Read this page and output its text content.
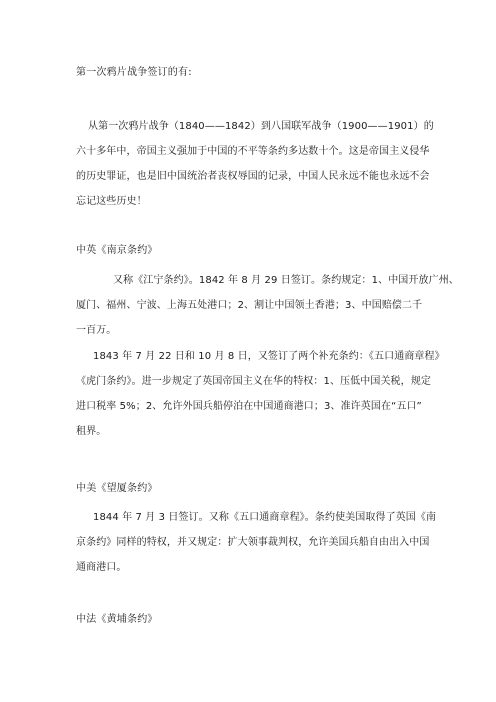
第一次鸦片战争签订的有:
从第一次鸦片战争（1840——1842）到八国联军战争（1900——1901）的
六十多年中，帝国主义强加于中国的不平等条约多达数十个。这是帝国主义侵华
的历史罪证，也是旧中国统治者丧权辱国的记录，中国人民永远不能也永远不会
忘记这些历史！
中英《南京条约》
又称《江宁条约》。1842 年 8 月 29 日签订。条约规定：1、中国开放广州、
厦门、福州、宁波、上海五处港口；2、割让中国领土香港；3、中国赔偿二千
一百万。
1843 年 7 月 22 日和 10 月 8 日，又签订了两个补充条约：《五口通商章程》
《虎门条约》。进一步规定了英国帝国主义在华的特权：1、压低中国关税，规定
进口税率 5%；2、允许外国兵船停泊在中国通商港口；3、准许英国在“五口”
租界。
中美《望厦条约》
1844 年 7 月 3 日签订。又称《五口通商章程》。条约使美国取得了英国《南
京条约》同样的特权，并又规定：扩大领事裁判权，允许美国兵船自由出入中国
通商港口。
中法《黄埔条约》
